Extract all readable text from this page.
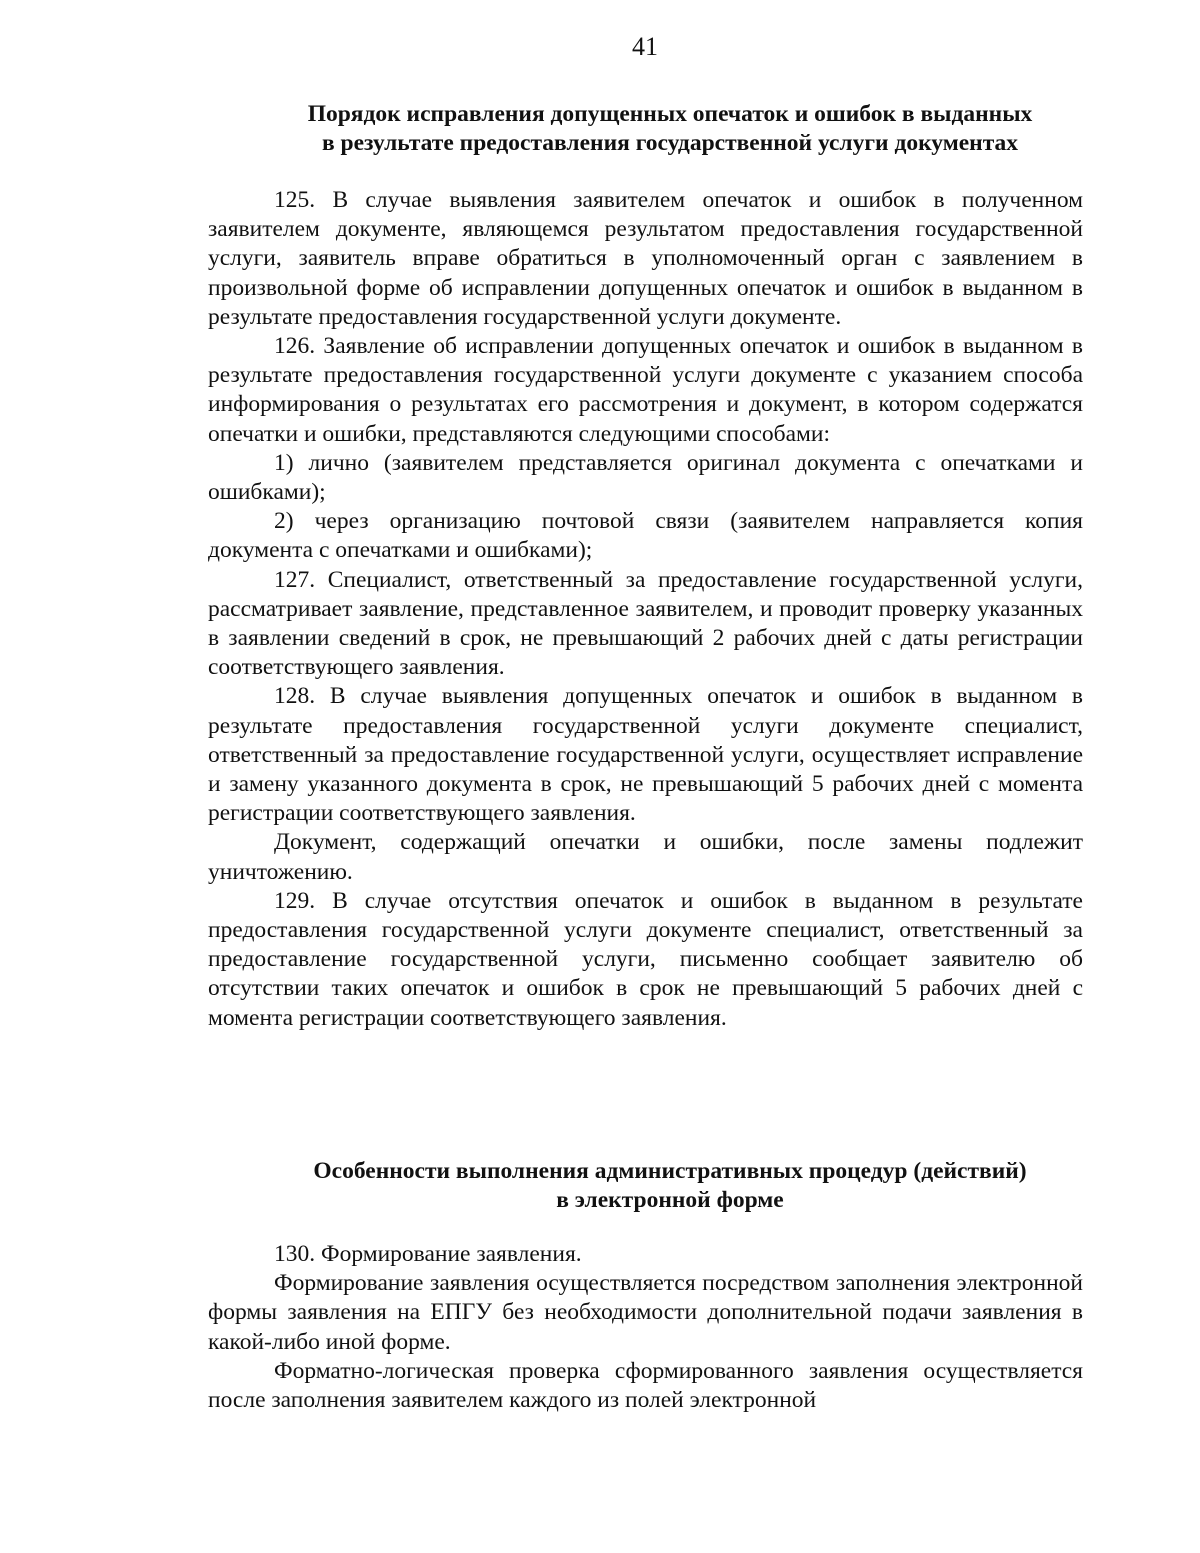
41
Порядок исправления допущенных опечаток и ошибок в выданных
в результате предоставления государственной услуги документах

125. В случае выявления заявителем опечаток и ошибок в полученном заявителем документе, являющемся результатом предоставления государственной услуги, заявитель вправе обратиться в уполномоченный орган с заявлением в произвольной форме об исправлении допущенных опечаток и ошибок в выданном в результате предоставления государственной услуги документе.

126. Заявление об исправлении допущенных опечаток и ошибок в выданном в результате предоставления государственной услуги документе с указанием способа информирования о результатах его рассмотрения и документ, в котором содержатся опечатки и ошибки, представляются следующими способами:

1) лично (заявителем представляется оригинал документа с опечатками и ошибками);

2) через организацию почтовой связи (заявителем направляется копия документа с опечатками и ошибками);

127. Специалист, ответственный за предоставление государственной услуги, рассматривает заявление, представленное заявителем, и проводит проверку указанных в заявлении сведений в срок, не превышающий 2 рабочих дней с даты регистрации соответствующего заявления.

128. В случае выявления допущенных опечаток и ошибок в выданном в результате предоставления государственной услуги документе специалист, ответственный за предоставление государственной услуги, осуществляет исправление и замену указанного документа в срок, не превышающий 5 рабочих дней с момента регистрации соответствующего заявления.

Документ, содержащий опечатки и ошибки, после замены подлежит уничтожению.

129. В случае отсутствия опечаток и ошибок в выданном в результате предоставления государственной услуги документе специалист, ответственный за предоставление государственной услуги, письменно сообщает заявителю об отсутствии таких опечаток и ошибок в срок не превышающий 5 рабочих дней с момента регистрации соответствующего заявления.

Особенности выполнения административных процедур (действий)
в электронной форме

130. Формирование заявления.

Формирование заявления осуществляется посредством заполнения электронной формы заявления на ЕПГУ без необходимости дополнительной подачи заявления в какой-либо иной форме.

Форматно-логическая проверка сформированного заявления осуществляется после заполнения заявителем каждого из полей электронной
